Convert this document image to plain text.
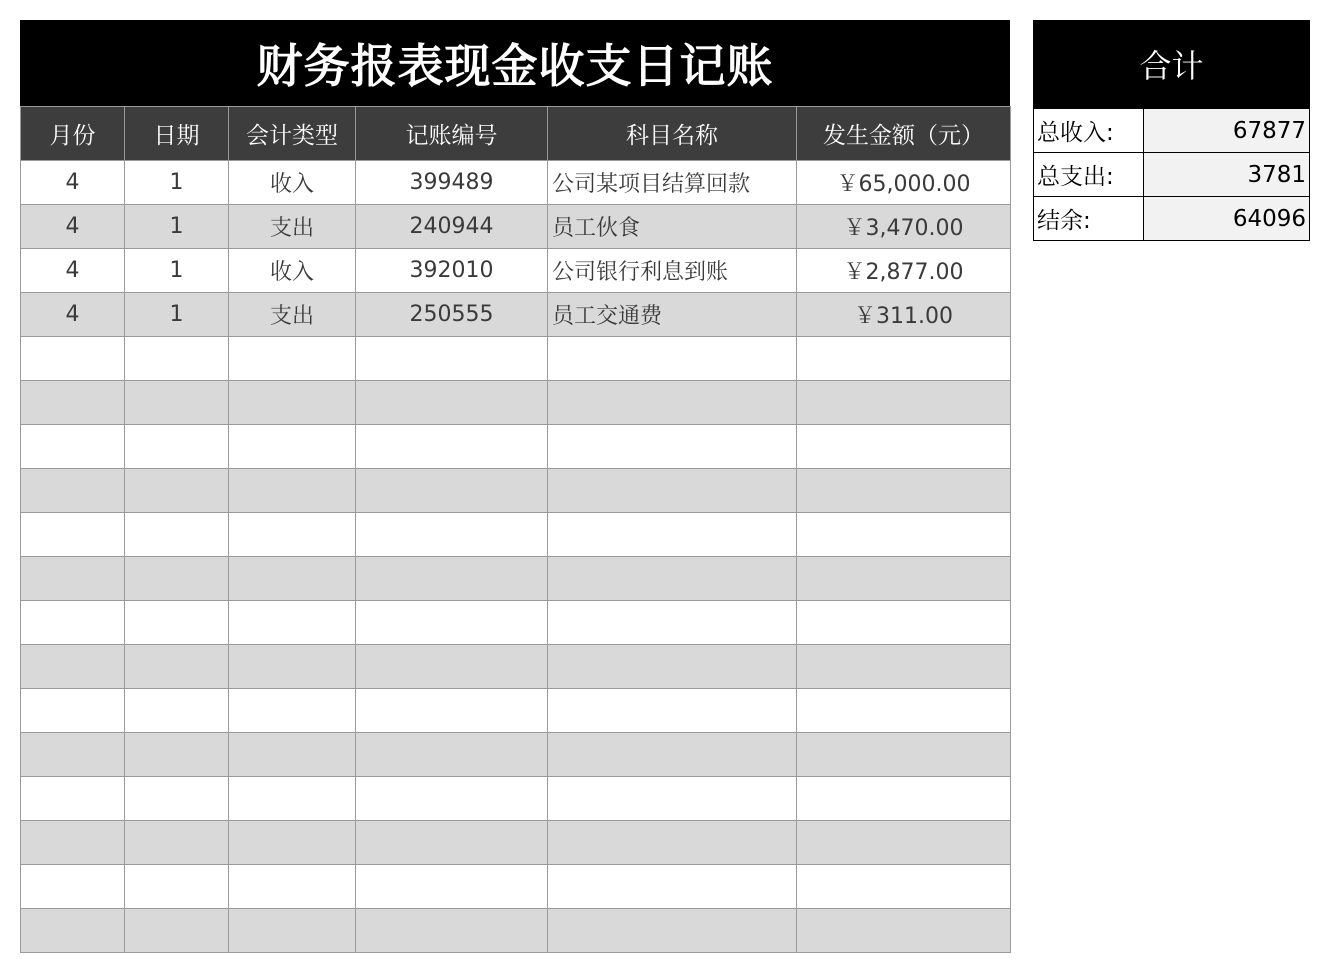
财务报表现金收支日记账
月份	日期	会计类型	记账编号	科目名称	发生金额（元）
4	1	收入	399489	公司某项目结算回款	￥65,000.00
4	1	支出	240944	员工伙食	￥3,470.00
4	1	收入	392010	公司银行利息到账	￥2,877.00
4	1	支出	250555	员工交通费	￥311.00

合计
总收入:	67877
总支出:	3781
结余:	64096
